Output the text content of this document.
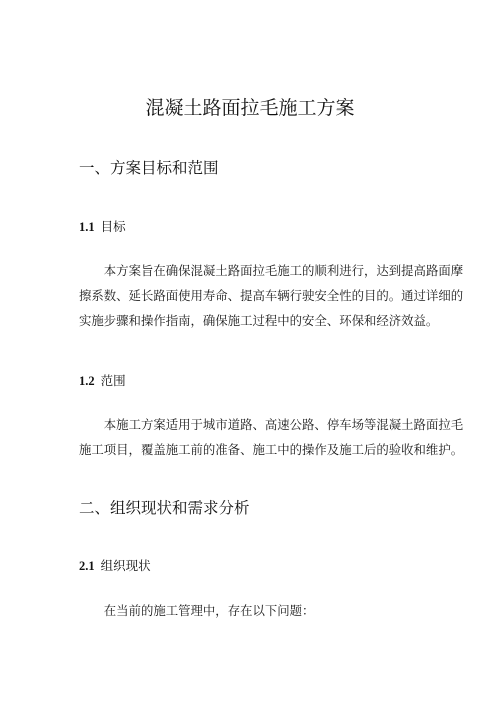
混凝土路面拉毛施工方案
一、方案目标和范围
1.1 目标
本方案旨在确保混凝土路面拉毛施工的顺利进行，达到提高路面摩
擦系数、延长路面使用寿命、提高车辆行驶安全性的目的。通过详细的
实施步骤和操作指南，确保施工过程中的安全、环保和经济效益。
1.2 范围
本施工方案适用于城市道路、高速公路、停车场等混凝土路面拉毛
施工项目，覆盖施工前的准备、施工中的操作及施工后的验收和维护。
二、组织现状和需求分析
2.1 组织现状
在当前的施工管理中，存在以下问题：
